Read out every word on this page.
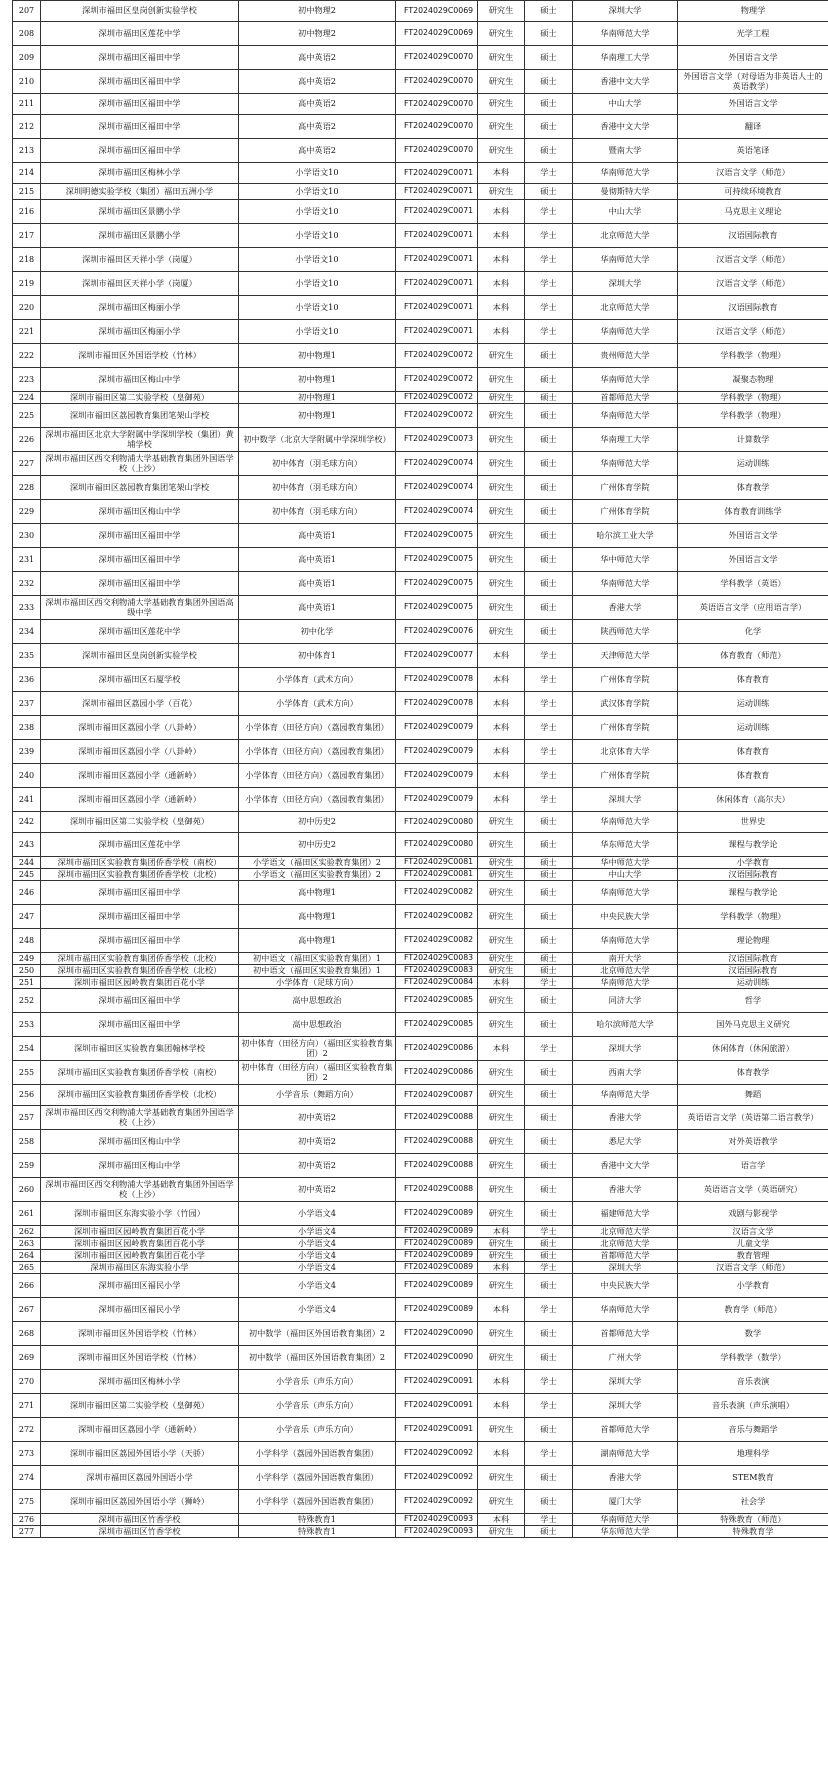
207	深圳市福田区皇岗创新实验学校	初中物理2	FT2024029C0069	研究生	硕士	深圳大学	物理学
208	深圳市福田区莲花中学	初中物理2	FT2024029C0069	研究生	硕士	华南师范大学	光学工程
209	深圳市福田区福田中学	高中英语2	FT2024029C0070	研究生	硕士	华南理工大学	外国语言文学
210	深圳市福田区福田中学	高中英语2	FT2024029C0070	研究生	硕士	香港中文大学	外国语言文学（对母语为非英语人士的英语教学）
211	深圳市福田区福田中学	高中英语2	FT2024029C0070	研究生	硕士	中山大学	外国语言文学
212	深圳市福田区福田中学	高中英语2	FT2024029C0070	研究生	硕士	香港中文大学	翻译
213	深圳市福田区福田中学	高中英语2	FT2024029C0070	研究生	硕士	暨南大学	英语笔译
214	深圳市福田区梅林小学	小学语文10	FT2024029C0071	本科	学士	华南师范大学	汉语言文学（师范）
215	深圳明德实验学校（集团）福田五洲小学	小学语文10	FT2024029C0071	研究生	硕士	曼彻斯特大学	可持续环境教育
216	深圳市福田区景鹏小学	小学语文10	FT2024029C0071	本科	学士	中山大学	马克思主义理论
217	深圳市福田区景鹏小学	小学语文10	FT2024029C0071	本科	学士	北京师范大学	汉语国际教育
218	深圳市福田区天祥小学（岗厦）	小学语文10	FT2024029C0071	本科	学士	华南师范大学	汉语言文学（师范）
219	深圳市福田区天祥小学（岗厦）	小学语文10	FT2024029C0071	本科	学士	深圳大学	汉语言文学（师范）
220	深圳市福田区梅丽小学	小学语文10	FT2024029C0071	本科	学士	北京师范大学	汉语国际教育
221	深圳市福田区梅丽小学	小学语文10	FT2024029C0071	本科	学士	华南师范大学	汉语言文学（师范）
222	深圳市福田区外国语学校（竹林）	初中物理1	FT2024029C0072	研究生	硕士	贵州师范大学	学科教学（物理）
223	深圳市福田区梅山中学	初中物理1	FT2024029C0072	研究生	硕士	华南师范大学	凝聚态物理
224	深圳市福田区第二实验学校（皇御苑）	初中物理1	FT2024029C0072	研究生	硕士	首都师范大学	学科教学（物理）
225	深圳市福田区荔园教育集团笔架山学校	初中物理1	FT2024029C0072	研究生	硕士	华南师范大学	学科教学（物理）
226	深圳市福田区北京大学附属中学深圳学校（集团）黄埔学校	初中数学（北京大学附属中学深圳学校）	FT2024029C0073	研究生	硕士	华南理工大学	计算数学
227	深圳市福田区西交利物浦大学基础教育集团外国语学校（上沙）	初中体育（羽毛球方向）	FT2024029C0074	研究生	硕士	华南师范大学	运动训练
228	深圳市福田区荔园教育集团笔架山学校	初中体育（羽毛球方向）	FT2024029C0074	研究生	硕士	广州体育学院	体育教学
229	深圳市福田区梅山中学	初中体育（羽毛球方向）	FT2024029C0074	研究生	硕士	广州体育学院	体育教育训练学
230	深圳市福田区福田中学	高中英语1	FT2024029C0075	研究生	硕士	哈尔滨工业大学	外国语言文学
231	深圳市福田区福田中学	高中英语1	FT2024029C0075	研究生	硕士	华中师范大学	外国语言文学
232	深圳市福田区福田中学	高中英语1	FT2024029C0075	研究生	硕士	华南师范大学	学科教学（英语）
233	深圳市福田区西交利物浦大学基础教育集团外国语高级中学	高中英语1	FT2024029C0075	研究生	硕士	香港大学	英语语言文学（应用语言学）
234	深圳市福田区莲花中学	初中化学	FT2024029C0076	研究生	硕士	陕西师范大学	化学
235	深圳市福田区皇岗创新实验学校	初中体育1	FT2024029C0077	本科	学士	天津师范大学	体育教育（师范）
236	深圳市福田区石厦学校	小学体育（武术方向）	FT2024029C0078	本科	学士	广州体育学院	体育教育
237	深圳市福田区荔园小学（百花）	小学体育（武术方向）	FT2024029C0078	本科	学士	武汉体育学院	运动训练
238	深圳市福田区荔园小学（八卦岭）	小学体育（田径方向）（荔园教育集团）	FT2024029C0079	本科	学士	广州体育学院	运动训练
239	深圳市福田区荔园小学（八卦岭）	小学体育（田径方向）（荔园教育集团）	FT2024029C0079	本科	学士	北京体育大学	体育教育
240	深圳市福田区荔园小学（通新岭）	小学体育（田径方向）（荔园教育集团）	FT2024029C0079	本科	学士	广州体育学院	体育教育
241	深圳市福田区荔园小学（通新岭）	小学体育（田径方向）（荔园教育集团）	FT2024029C0079	本科	学士	深圳大学	休闲体育（高尔夫）
242	深圳市福田区第二实验学校（皇御苑）	初中历史2	FT2024029C0080	研究生	硕士	华南师范大学	世界史
243	深圳市福田区莲花中学	初中历史2	FT2024029C0080	研究生	硕士	华东师范大学	课程与教学论
244	深圳市福田区实验教育集团侨香学校（南校）	小学语文（福田区实验教育集团）2	FT2024029C0081	研究生	硕士	华中师范大学	小学教育
245	深圳市福田区实验教育集团侨香学校（北校）	小学语文（福田区实验教育集团）2	FT2024029C0081	研究生	硕士	中山大学	汉语国际教育
246	深圳市福田区福田中学	高中物理1	FT2024029C0082	研究生	硕士	华南师范大学	课程与教学论
247	深圳市福田区福田中学	高中物理1	FT2024029C0082	研究生	硕士	中央民族大学	学科教学（物理）
248	深圳市福田区福田中学	高中物理1	FT2024029C0082	研究生	硕士	华南师范大学	理论物理
249	深圳市福田区实验教育集团侨香学校（北校）	初中语文（福田区实验教育集团）1	FT2024029C0083	研究生	硕士	南开大学	汉语国际教育
250	深圳市福田区实验教育集团侨香学校（北校）	初中语文（福田区实验教育集团）1	FT2024029C0083	研究生	硕士	北京师范大学	汉语国际教育
251	深圳市福田区园岭教育集团百花小学	小学体育（足球方向）	FT2024029C0084	本科	学士	华南师范大学	运动训练
252	深圳市福田区福田中学	高中思想政治	FT2024029C0085	研究生	硕士	同济大学	哲学
253	深圳市福田区福田中学	高中思想政治	FT2024029C0085	研究生	硕士	哈尔滨师范大学	国外马克思主义研究
254	深圳市福田区实验教育集团翰林学校	初中体育（田径方向）（福田区实验教育集团）2	FT2024029C0086	本科	学士	深圳大学	休闲体育（休闲旅游）
255	深圳市福田区实验教育集团侨香学校（南校）	初中体育（田径方向）（福田区实验教育集团）2	FT2024029C0086	研究生	硕士	西南大学	体育教学
256	深圳市福田区实验教育集团侨香学校（北校）	小学音乐（舞蹈方向）	FT2024029C0087	研究生	硕士	华南师范大学	舞蹈
257	深圳市福田区西交利物浦大学基础教育集团外国语学校（上沙）	初中英语2	FT2024029C0088	研究生	硕士	香港大学	英语语言文学（英语第二语言教学）
258	深圳市福田区梅山中学	初中英语2	FT2024029C0088	研究生	硕士	悉尼大学	对外英语教学
259	深圳市福田区梅山中学	初中英语2	FT2024029C0088	研究生	硕士	香港中文大学	语言学
260	深圳市福田区西交利物浦大学基础教育集团外国语学校（上沙）	初中英语2	FT2024029C0088	研究生	硕士	香港大学	英语语言文学（英语研究）
261	深圳市福田区东海实验小学（竹园）	小学语文4	FT2024029C0089	研究生	硕士	福建师范大学	戏剧与影视学
262	深圳市福田区园岭教育集团百花小学	小学语文4	FT2024029C0089	本科	学士	北京师范大学	汉语言文学
263	深圳市福田区园岭教育集团百花小学	小学语文4	FT2024029C0089	研究生	硕士	北京师范大学	儿童文学
264	深圳市福田区园岭教育集团百花小学	小学语文4	FT2024029C0089	研究生	硕士	首都师范大学	教育管理
265	深圳市福田区东海实验小学	小学语文4	FT2024029C0089	本科	学士	深圳大学	汉语言文学（师范）
266	深圳市福田区福民小学	小学语文4	FT2024029C0089	研究生	硕士	中央民族大学	小学教育
267	深圳市福田区福民小学	小学语文4	FT2024029C0089	本科	学士	华南师范大学	教育学（师范）
268	深圳市福田区外国语学校（竹林）	初中数学（福田区外国语教育集团）2	FT2024029C0090	研究生	硕士	首都师范大学	数学
269	深圳市福田区外国语学校（竹林）	初中数学（福田区外国语教育集团）2	FT2024029C0090	研究生	硕士	广州大学	学科教学（数学）
270	深圳市福田区梅林小学	小学音乐（声乐方向）	FT2024029C0091	本科	学士	深圳大学	音乐表演
271	深圳市福田区第二实验学校（皇御苑）	小学音乐（声乐方向）	FT2024029C0091	本科	学士	深圳大学	音乐表演（声乐演唱）
272	深圳市福田区荔园小学（通新岭）	小学音乐（声乐方向）	FT2024029C0091	研究生	硕士	首都师范大学	音乐与舞蹈学
273	深圳市福田区荔园外国语小学（天骄）	小学科学（荔园外国语教育集团）	FT2024029C0092	本科	学士	湖南师范大学	地理科学
274	深圳市福田区荔园外国语小学	小学科学（荔园外国语教育集团）	FT2024029C0092	研究生	硕士	香港大学	STEM教育
275	深圳市福田区荔园外国语小学（狮岭）	小学科学（荔园外国语教育集团）	FT2024029C0092	研究生	硕士	厦门大学	社会学
276	深圳市福田区竹香学校	特殊教育1	FT2024029C0093	本科	学士	华南师范大学	特殊教育（师范）
277	深圳市福田区竹香学校	特殊教育1	FT2024029C0093	研究生	硕士	华东师范大学	特殊教育学
